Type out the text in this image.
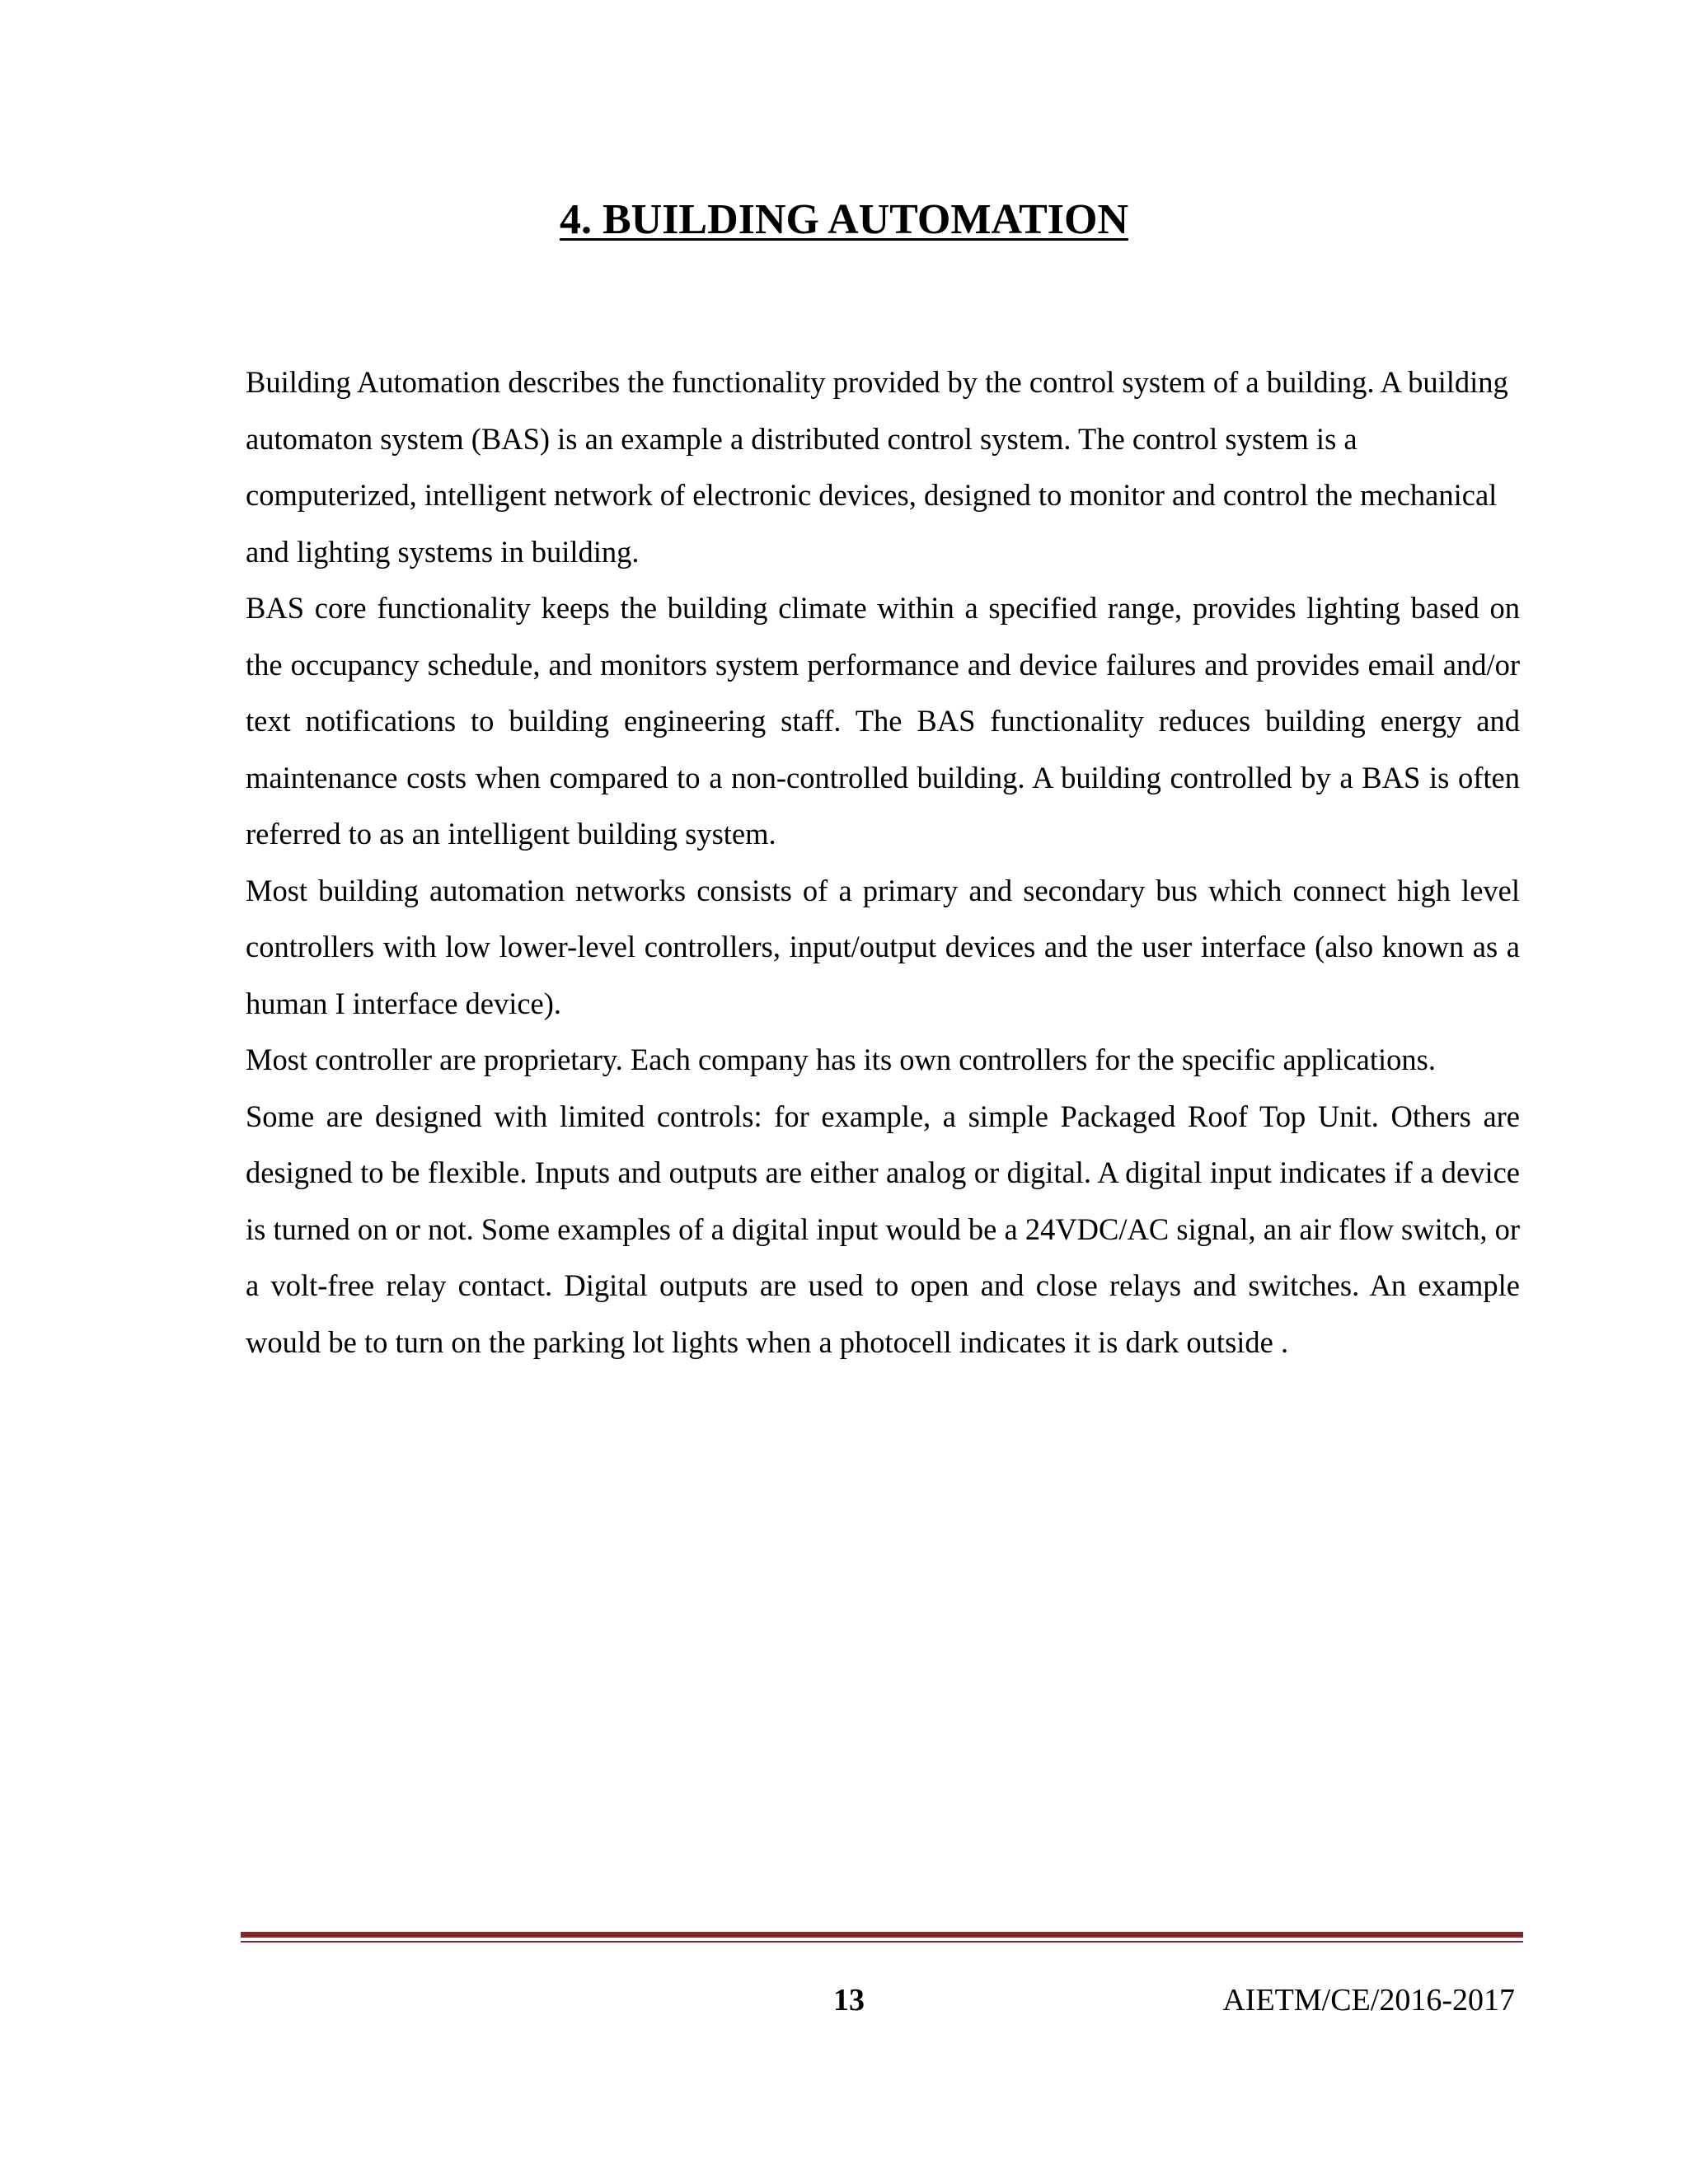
4. BUILDING AUTOMATION

Building Automation describes the functionality provided by the control system of a building. A building automaton system (BAS) is an example a distributed control system. The control system is a computerized, intelligent network of electronic devices, designed to monitor and control the mechanical and lighting systems in building.

BAS core functionality keeps the building climate within a specified range, provides lighting based on the occupancy schedule, and monitors system performance and device failures and provides email and/or text notifications to building engineering staff. The BAS functionality reduces building energy and maintenance costs when compared to a non-controlled building. A building controlled by a BAS is often referred to as an intelligent building system.

Most building automation networks consists of a primary and secondary bus which connect high level controllers with low lower-level controllers, input/output devices and the user interface (also known as a human I interface device).

Most controller are proprietary. Each company has its own controllers for the specific applications.

Some are designed with limited controls: for example, a simple Packaged Roof Top Unit. Others are designed to be flexible. Inputs and outputs are either analog or digital. A digital input indicates if a device is turned on or not. Some examples of a digital input would be a 24VDC/AC signal, an air flow switch, or a volt-free relay contact. Digital outputs are used to open and close relays and switches. An example would be to turn on the parking lot lights when a photocell indicates it is dark outside .

13	AIETM/CE/2016-2017
